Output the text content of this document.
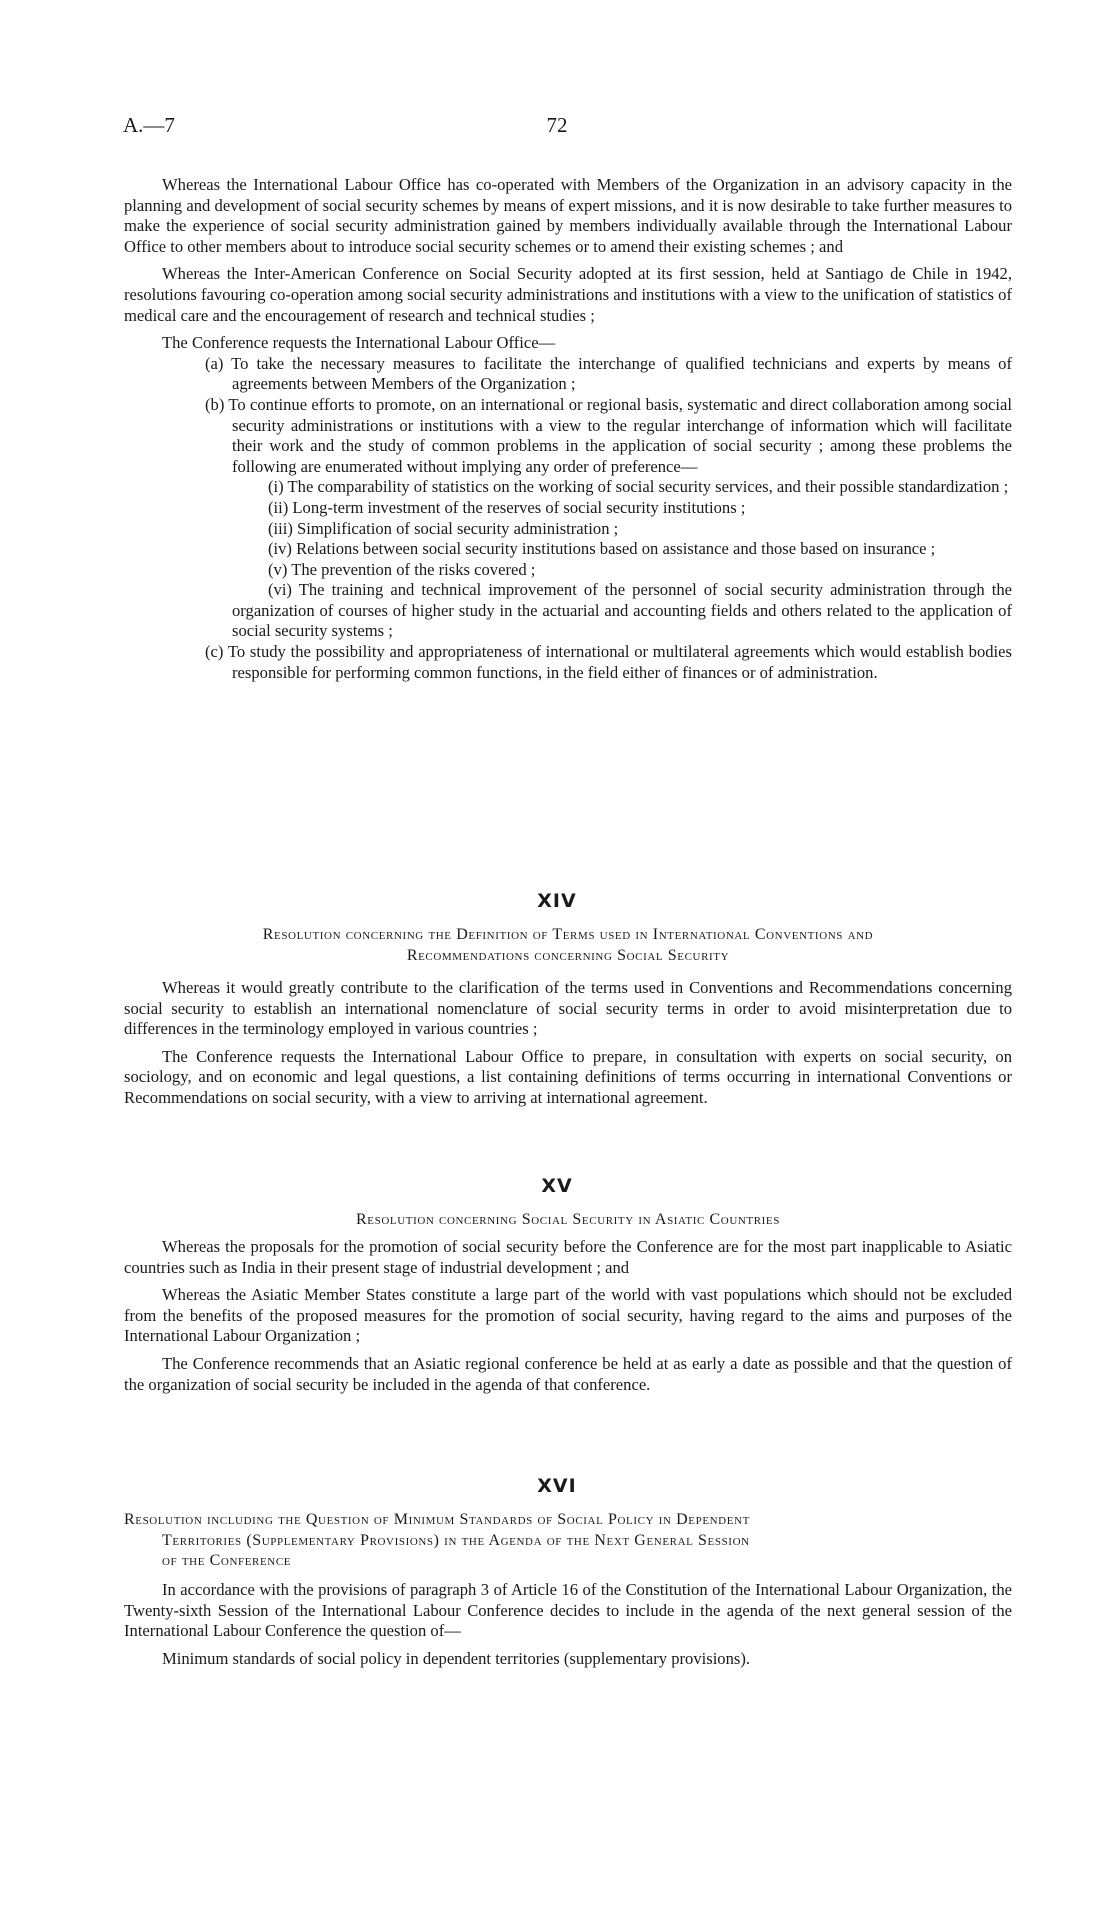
A.—7	72

Whereas the International Labour Office has co-operated with Members of the Organization in an advisory capacity in the planning and development of social security schemes by means of expert missions, and it is now desirable to take further measures to make the experience of social security administration gained by members individually available through the International Labour Office to other members about to introduce social security schemes or to amend their existing schemes ; and

Whereas the Inter-American Conference on Social Security adopted at its first session, held at Santiago de Chile in 1942, resolutions favouring co-operation among social security administrations and institutions with a view to the unification of statistics of medical care and the encouragement of research and technical studies ;

The Conference requests the International Labour Office—

(a) To take the necessary measures to facilitate the interchange of qualified technicians and experts by means of agreements between Members of the Organization ;

(b) To continue efforts to promote, on an international or regional basis, systematic and direct collaboration among social security administrations or institutions with a view to the regular interchange of information which will facilitate their work and the study of common problems in the application of social security ; among these problems the following are enumerated without implying any order of preference—

(i) The comparability of statistics on the working of social security services, and their possible standardization ;

(ii) Long-term investment of the reserves of social security institutions ;

(iii) Simplification of social security administration ;

(iv) Relations between social security institutions based on assistance and those based on insurance ;

(v) The prevention of the risks covered ;

(vi) The training and technical improvement of the personnel of social security administration through the organization of courses of higher study in the actuarial and accounting fields and others related to the application of social security systems ;

(c) To study the possibility and appropriateness of international or multilateral agreements which would establish bodies responsible for performing common functions, in the field either of finances or of administration.

XIV
Resolution concerning the Definition of Terms used in International Conventions and
Recommendations concerning Social Security

Whereas it would greatly contribute to the clarification of the terms used in Conventions and Recommendations concerning social security to establish an international nomenclature of social security terms in order to avoid misinterpretation due to differences in the terminology employed in various countries ;

The Conference requests the International Labour Office to prepare, in consultation with experts on social security, on sociology, and on economic and legal questions, a list containing definitions of terms occurring in international Conventions or Recommendations on social security, with a view to arriving at international agreement.

XV
Resolution concerning Social Security in Asiatic Countries

Whereas the proposals for the promotion of social security before the Conference are for the most part inapplicable to Asiatic countries such as India in their present stage of industrial development ; and

Whereas the Asiatic Member States constitute a large part of the world with vast populations which should not be excluded from the benefits of the proposed measures for the promotion of social security, having regard to the aims and purposes of the International Labour Organization ;

The Conference recommends that an Asiatic regional conference be held at as early a date as possible and that the question of the organization of social security be included in the agenda of that conference.

XVI
Resolution including the Question of Minimum Standards of Social Policy in Dependent
Territories (Supplementary Provisions) in the Agenda of the Next General Session
of the Conference

In accordance with the provisions of paragraph 3 of Article 16 of the Constitution of the International Labour Organization, the Twenty-sixth Session of the International Labour Conference decides to include in the agenda of the next general session of the International Labour Conference the question of—

Minimum standards of social policy in dependent territories (supplementary provisions).
